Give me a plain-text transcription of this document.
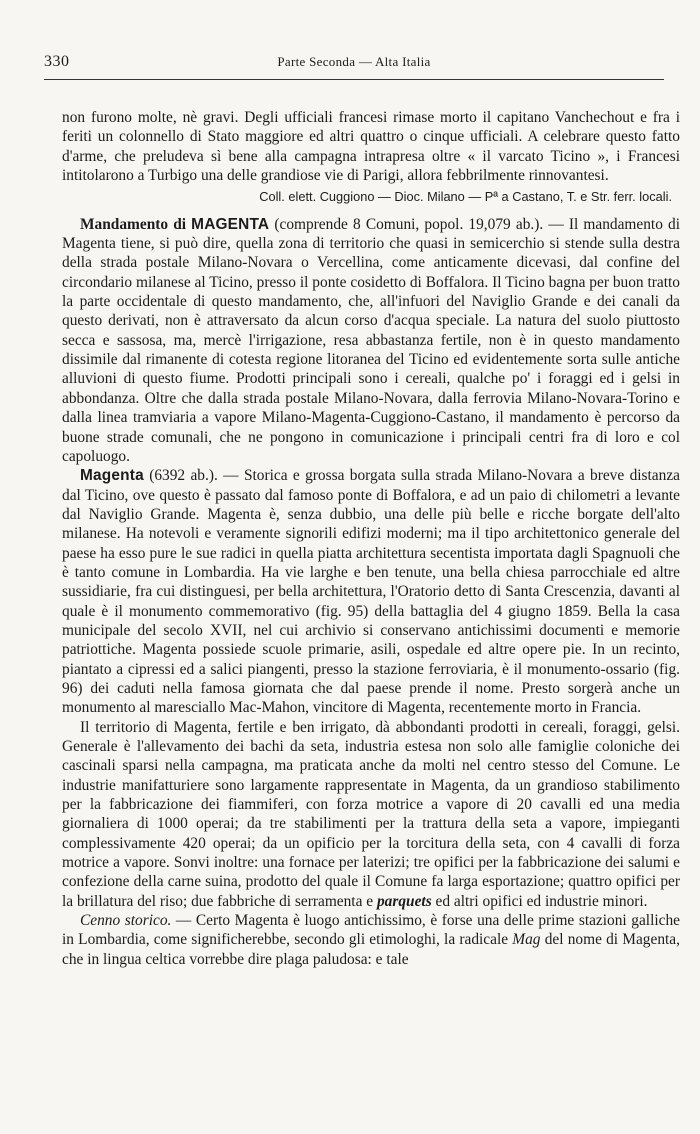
330	Parte Seconda — Alta Italia

non furono molte, nè gravi. Degli ufficiali francesi rimase morto il capitano Vanchechout e fra i feriti un colonnello di Stato maggiore ed altri quattro o cinque ufficiali. A celebrare questo fatto d'arme, che preludeva sì bene alla campagna intrapresa oltre « il varcato Ticino », i Francesi intitolarono a Turbigo una delle grandiose vie di Parigi, allora febbrilmente rinnovantesi.

Coll. elett. Cuggiono — Dioc. Milano — Pª a Castano, T. e Str. ferr. locali.

Mandamento di MAGENTA (comprende 8 Comuni, popol. 19,079 ab.). — Il mandamento di Magenta tiene, si può dire, quella zona di territorio che quasi in semicerchio si stende sulla destra della strada postale Milano-Novara o Vercellina, come anticamente dicevasi, dal confine del circondario milanese al Ticino, presso il ponte cosidetto di Boffalora. Il Ticino bagna per buon tratto la parte occidentale di questo mandamento, che, all'infuori del Naviglio Grande e dei canali da questo derivati, non è attraversato da alcun corso d'acqua speciale. La natura del suolo piuttosto secca e sassosa, ma, mercè l'irrigazione, resa abbastanza fertile, non è in questo mandamento dissimile dal rimanente di cotesta regione litoranea del Ticino ed evidentemente sorta sulle antiche alluvioni di questo fiume. Prodotti principali sono i cereali, qualche po' i foraggi ed i gelsi in abbondanza. Oltre che dalla strada postale Milano-Novara, dalla ferrovia Milano-Novara-Torino e dalla linea tramviaria a vapore Milano-Magenta-Cuggiono-Castano, il mandamento è percorso da buone strade comunali, che ne pongono in comunicazione i principali centri fra di loro e col capoluogo.

Magenta (6392 ab.). — Storica e grossa borgata sulla strada Milano-Novara a breve distanza dal Ticino, ove questo è passato dal famoso ponte di Boffalora, e ad un paio di chilometri a levante dal Naviglio Grande. Magenta è, senza dubbio, una delle più belle e ricche borgate dell'alto milanese. Ha notevoli e veramente signorili edifizi moderni; ma il tipo architettonico generale del paese ha esso pure le sue radici in quella piatta architettura secentista importata dagli Spagnuoli che è tanto comune in Lombardia. Ha vie larghe e ben tenute, una bella chiesa parrocchiale ed altre sussidiarie, fra cui distinguesi, per bella architettura, l'Oratorio detto di Santa Crescenzia, davanti al quale è il monumento commemorativo (fig. 95) della battaglia del 4 giugno 1859. Bella la casa municipale del secolo XVII, nel cui archivio si conservano antichissimi documenti e memorie patriottiche. Magenta possiede scuole primarie, asili, ospedale ed altre opere pie. In un recinto, piantato a cipressi ed a salici piangenti, presso la stazione ferroviaria, è il monumento-ossario (fig. 96) dei caduti nella famosa giornata che dal paese prende il nome. Presto sorgerà anche un monumento al maresciallo Mac-Mahon, vincitore di Magenta, recentemente morto in Francia.

Il territorio di Magenta, fertile e ben irrigato, dà abbondanti prodotti in cereali, foraggi, gelsi. Generale è l'allevamento dei bachi da seta, industria estesa non solo alle famiglie coloniche dei cascinali sparsi nella campagna, ma praticata anche da molti nel centro stesso del Comune. Le industrie manifatturiere sono largamente rappresentate in Magenta, da un grandioso stabilimento per la fabbricazione dei fiammiferi, con forza motrice a vapore di 20 cavalli ed una media giornaliera di 1000 operai; da tre stabilimenti per la trattura della seta a vapore, impieganti complessivamente 420 operai; da un opificio per la torcitura della seta, con 4 cavalli di forza motrice a vapore. Sonvi inoltre: una fornace per laterizi; tre opifici per la fabbricazione dei salumi e confezione della carne suina, prodotto del quale il Comune fa larga esportazione; quattro opifici per la brillatura del riso; due fabbriche di serramenta e parquets ed altri opifici ed industrie minori.

Cenno storico. — Certo Magenta è luogo antichissimo, è forse una delle prime stazioni galliche in Lombardia, come significherebbe, secondo gli etimologhi, la radicale Mag del nome di Magenta, che in lingua celtica vorrebbe dire plaga paludosa: e tale
